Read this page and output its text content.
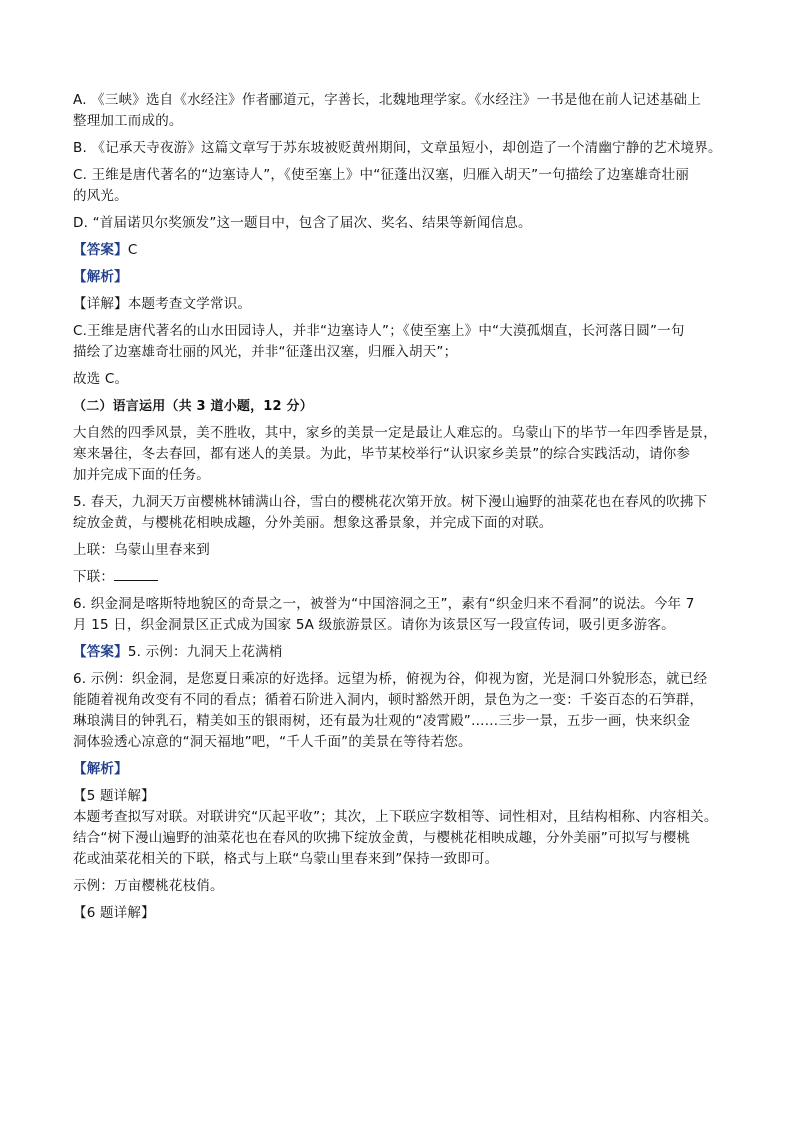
A. 《三峡》选自《水经注》作者郦道元，字善长，北魏地理学家。《水经注》一书是他在前人记述基础上
整理加工而成的。
B. 《记承天寺夜游》这篇文章写于苏东坡被贬黄州期间，文章虽短小，却创造了一个清幽宁静的艺术境界。
C. 王维是唐代著名的“边塞诗人”，《使至塞上》中“征蓬出汉塞，归雁入胡天”一句描绘了边塞雄奇壮丽
的风光。
D. “首届诺贝尔奖颁发”这一题目中，包含了届次、奖名、结果等新闻信息。
【答案】C
【解析】
【详解】本题考查文学常识。
C.王维是唐代著名的山水田园诗人，并非“边塞诗人”；《使至塞上》中“大漠孤烟直，长河落日圆”一句
描绘了边塞雄奇壮丽的风光，并非“征蓬出汉塞，归雁入胡天”；
故选 C。
（二）语言运用（共 3 道小题，12 分）
大自然的四季风景，美不胜收，其中，家乡的美景一定是最让人难忘的。乌蒙山下的毕节一年四季皆是景，
寒来暑往，冬去春回，都有迷人的美景。为此，毕节某校举行“认识家乡美景”的综合实践活动，请你参
加并完成下面的任务。
5. 春天，九洞天万亩樱桃林铺满山谷，雪白的樱桃花次第开放。树下漫山遍野的油菜花也在春风的吹拂下
绽放金黄，与樱桃花相映成趣，分外美丽。想象这番景象，并完成下面的对联。
上联：乌蒙山里春来到
下联：
6. 织金洞是喀斯特地貌区的奇景之一，被誉为“中国溶洞之王”，素有“织金归来不看洞”的说法。今年 7
月 15 日，织金洞景区正式成为国家 5A 级旅游景区。请你为该景区写一段宣传词，吸引更多游客。
【答案】5. 示例：九洞天上花满梢
6. 示例：织金洞，是您夏日乘凉的好选择。远望为桥，俯视为谷，仰视为窗，光是洞口外貌形态，就已经
能随着视角改变有不同的看点；循着石阶进入洞内，顿时豁然开朗，景色为之一变：千姿百态的石笋群，
琳琅满目的钟乳石，精美如玉的银雨树，还有最为壮观的“凌霄殿”……三步一景，五步一画，快来织金
洞体验透心凉意的“洞天福地”吧，“千人千面”的美景在等待若您。
【解析】
【5 题详解】
本题考查拟写对联。对联讲究“仄起平收”；其次，上下联应字数相等、词性相对，且结构相称、内容相关。
结合“树下漫山遍野的油菜花也在春风的吹拂下绽放金黄，与樱桃花相映成趣，分外美丽”可拟写与樱桃
花或油菜花相关的下联，格式与上联“乌蒙山里春来到”保持一致即可。
示例：万亩樱桃花枝俏。
【6 题详解】
